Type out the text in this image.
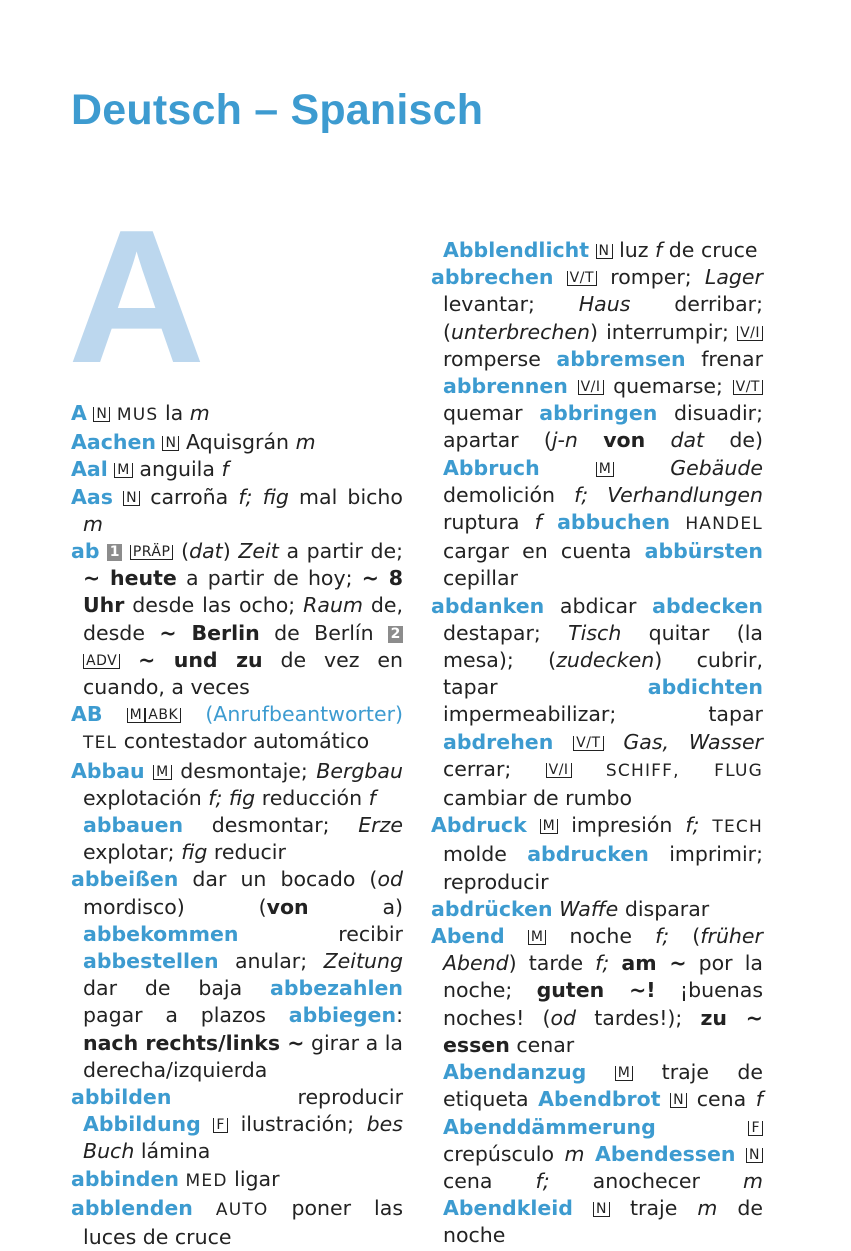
Deutsch – Spanisch
A
A N MUS la m
Aachen N Aquisgrán m
Aal M anguila f
Aas N carroña f; fig mal bicho m
ab 1 PRÄP (dat) Zeit a partir de; ~ heute a partir de hoy; ~ 8 Uhr desde las ocho; Raum de, desde ~ Berlin de Berlín 2 ADV ~ und zu de vez en cuando, a veces
AB M ABK (Anrufbeantworter) TEL contestador automático
Abbau M desmontaje; Bergbau explotación f; fig reducción f
abbauen desmontar; Erze explotar; fig reducir
abbeißen dar un bocado (od mordisco) (von	a) abbekommen	recibir abbestellen anular; Zeitung dar de baja abbezahlen pagar a plazos abbiegen: nach rechts/links ~ girar a la derecha/izquierda
abbilden	reproducir Abbildung F ilustración; bes Buch lámina
abbinden MED ligar
abblenden AUTO poner las luces de cruce
Abblendlicht N luz f de cruce
abbrechen V/T romper; Lager levantar; Haus derribar; (unterbrechen) interrumpir; V/I romperse abbremsen frenar abbrennen V/I quemarse; V/T quemar abbringen disuadir; apartar (j-n von dat de) Abbruch	M	Gebäude demolición f; Verhandlungen ruptura f abbuchen HANDEL cargar en cuenta abbürsten cepillar
abdanken abdicar abdecken destapar; Tisch quitar (la mesa); (zudecken) cubrir, tapar	abdichten impermeabilizar; tapar abdrehen V/T Gas, Wasser cerrar;	V/I SCHIFF, FLUG cambiar de rumbo
Abdruck M impresión f; TECH molde abdrucken imprimir; reproducir
abdrücken Waffe disparar
Abend M noche f; (früher Abend) tarde f; am ~ por la noche; guten ~! ¡buenas noches! (od tardes!); zu ~ essen cenar
Abendanzug M traje de etiqueta Abendbrot N cena f Abenddämmerung	F crepúsculo m Abendessen N cena f; anochecer m Abendkleid N traje m de noche
